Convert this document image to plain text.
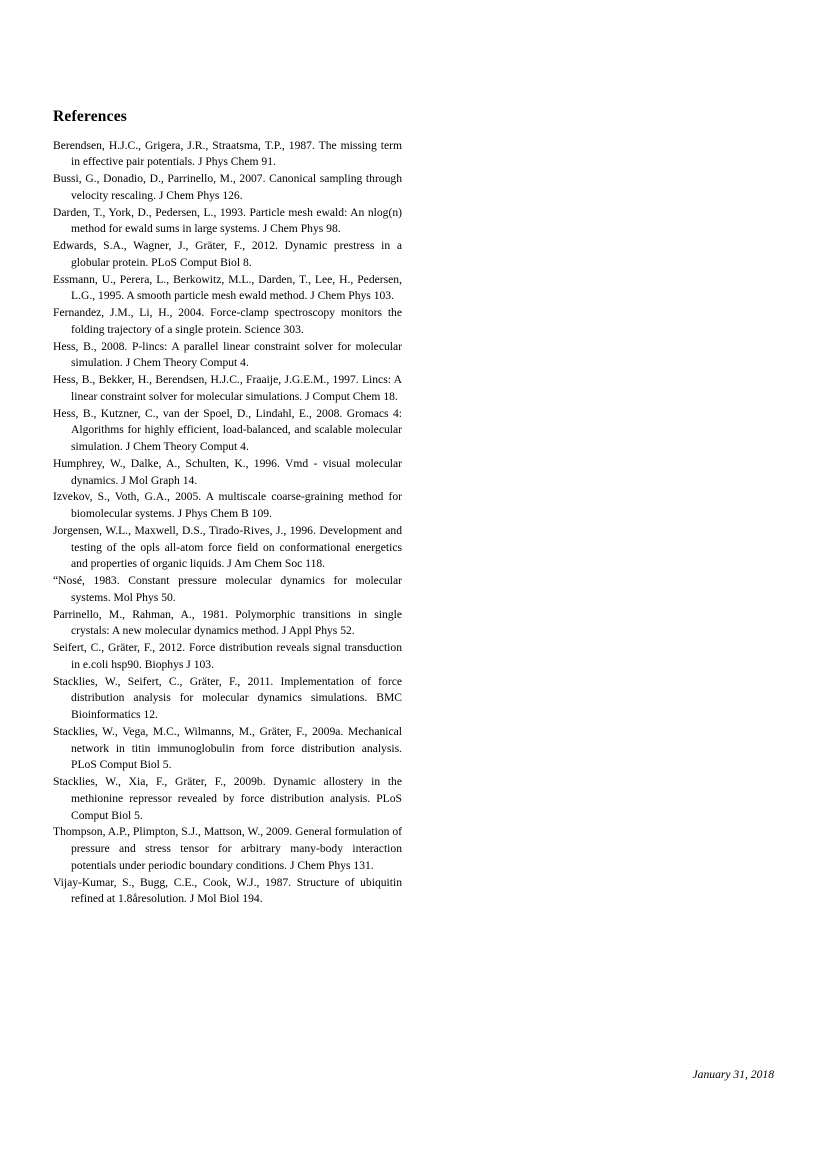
References
Berendsen, H.J.C., Grigera, J.R., Straatsma, T.P., 1987. The missing term in effective pair potentials. J Phys Chem 91.
Bussi, G., Donadio, D., Parrinello, M., 2007. Canonical sampling through velocity rescaling. J Chem Phys 126.
Darden, T., York, D., Pedersen, L., 1993. Particle mesh ewald: An nlog(n) method for ewald sums in large systems. J Chem Phys 98.
Edwards, S.A., Wagner, J., Gräter, F., 2012. Dynamic prestress in a globular protein. PLoS Comput Biol 8.
Essmann, U., Perera, L., Berkowitz, M.L., Darden, T., Lee, H., Pedersen, L.G., 1995. A smooth particle mesh ewald method. J Chem Phys 103.
Fernandez, J.M., Li, H., 2004. Force-clamp spectroscopy monitors the folding trajectory of a single protein. Science 303.
Hess, B., 2008. P-lincs: A parallel linear constraint solver for molecular simulation. J Chem Theory Comput 4.
Hess, B., Bekker, H., Berendsen, H.J.C., Fraaije, J.G.E.M., 1997. Lincs: A linear constraint solver for molecular simulations. J Comput Chem 18.
Hess, B., Kutzner, C., van der Spoel, D., Lindahl, E., 2008. Gromacs 4: Algorithms for highly efficient, load-balanced, and scalable molecular simulation. J Chem Theory Comput 4.
Humphrey, W., Dalke, A., Schulten, K., 1996. Vmd - visual molecular dynamics. J Mol Graph 14.
Izvekov, S., Voth, G.A., 2005. A multiscale coarse-graining method for biomolecular systems. J Phys Chem B 109.
Jorgensen, W.L., Maxwell, D.S., Tirado-Rives, J., 1996. Development and testing of the opls all-atom force field on conformational energetics and properties of organic liquids. J Am Chem Soc 118.
“Nosé, 1983. Constant pressure molecular dynamics for molecular systems. Mol Phys 50.
Parrinello, M., Rahman, A., 1981. Polymorphic transitions in single crystals: A new molecular dynamics method. J Appl Phys 52.
Seifert, C., Gräter, F., 2012. Force distribution reveals signal transduction in e.coli hsp90. Biophys J 103.
Stacklies, W., Seifert, C., Gräter, F., 2011. Implementation of force distribution analysis for molecular dynamics simulations. BMC Bioinformatics 12.
Stacklies, W., Vega, M.C., Wilmanns, M., Gräter, F., 2009a. Mechanical network in titin immunoglobulin from force distribution analysis. PLoS Comput Biol 5.
Stacklies, W., Xia, F., Gräter, F., 2009b. Dynamic allostery in the methionine repressor revealed by force distribution analysis. PLoS Comput Biol 5.
Thompson, A.P., Plimpton, S.J., Mattson, W., 2009. General formulation of pressure and stress tensor for arbitrary many-body interaction potentials under periodic boundary conditions. J Chem Phys 131.
Vijay-Kumar, S., Bugg, C.E., Cook, W.J., 1987. Structure of ubiquitin refined at 1.8åresolution. J Mol Biol 194.
January 31, 2018
